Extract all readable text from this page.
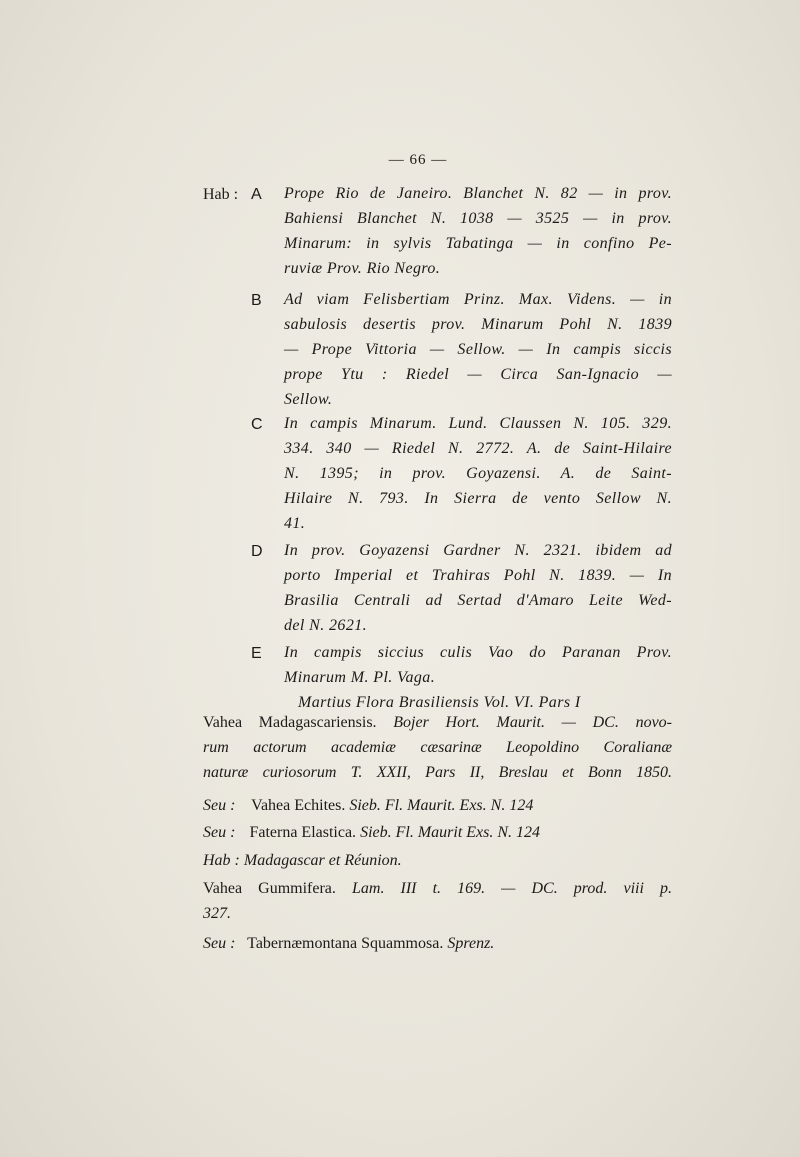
— 66 —
Hab : A Prope Rio de Janeiro. Blanchet N. 82 — in prov.
Bahiensi Blanchet N. 1038 — 3525 — in prov.
Minarum: in sylvis Tabatinga — in confino Pe-
ruviæ Prov. Rio Negro.
B Ad viam Felisbertiam Prinz. Max. Videns. — in
sabulosis desertis prov. Minarum Pohl N. 1839
— Prope Vittoria — Sellow. — In campis siccis
prope Ytu : Riedel — Circa San-Ignacio —
Sellow.
C In campis Minarum. Lund. Claussen N. 105. 329.
334. 340 — Riedel N. 2772. A. de Saint-Hilaire
N. 1395; in prov. Goyazensi. A. de Saint-
Hilaire N. 793. In Sierra de vento Sellow N.
41.
D In prov. Goyazensi Gardner N. 2321. ibidem ad
porto Imperial et Trahiras Pohl N. 1839. — In
Brasilia Centrali ad Sertad d'Amaro Leite Wed-
del N. 2621.
E In campis siccius culis Vao do Paranan Prov.
Minarum M. Pl. Vaga.
Martius Flora Brasiliensis Vol. VI. Pars I
Vahea Madagascariensis. Bojer Hort. Maurit. — DC. novo-
rum actorum academiæ cæsarinæ Leopoldino Coralianæ
naturæ curiosorum T. XXII, Pars II, Breslau et Bonn 1850.
Seu : Vahea Echites. Sieb. Fl. Maurit. Exs. N. 124
Seu : Faterna Elastica. Sieb. Fl. Maurit Exs. N. 124
Hab : Madagascar et Réunion.
Vahea Gummifera. Lam. III t. 169. — DC. prod. viii p.
327.
Seu : Tabernæmontana Squammosa. Sprenz.
